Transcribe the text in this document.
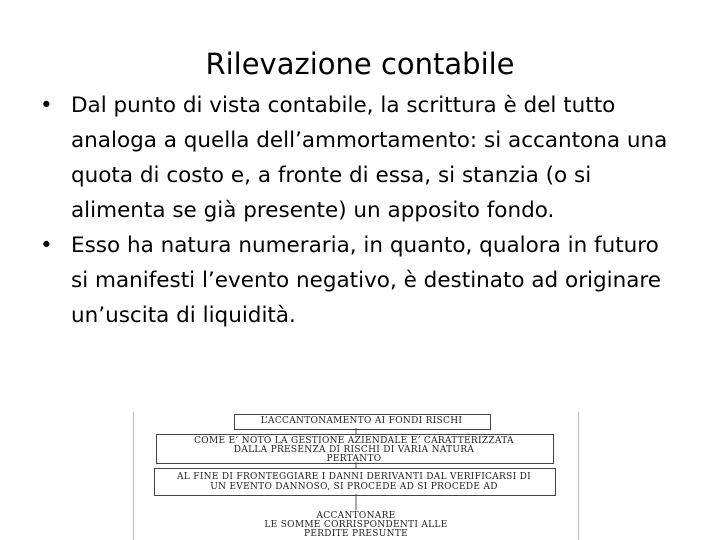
Rilevazione contabile
• Dal punto di vista contabile, la scrittura è del tutto analoga a quella dell’ammortamento: si accantona una quota di costo e, a fronte di essa, si stanzia (o si alimenta se già presente) un apposito fondo.
• Esso ha natura numeraria, in quanto, qualora in futuro si manifesti l’evento negativo, è destinato ad originare un’uscita di liquidità.
L’ACCANTONAMENTO AI FONDI RISCHI
COME E’ NOTO LA GESTIONE AZIENDALE E’ CARATTERIZZATA
DALLA PRESENZA DI RISCHI DI VARIA NATURA
PERTANTO
AL FINE DI FRONTEGGIARE I DANNI DERIVANTI DAL VERIFICARSI DI
UN EVENTO DANNOSO, SI PROCEDE AD SI PROCEDE AD
ACCANTONARE
LE SOMME CORRISPONDENTI ALLE
PERDITE PRESUNTE
